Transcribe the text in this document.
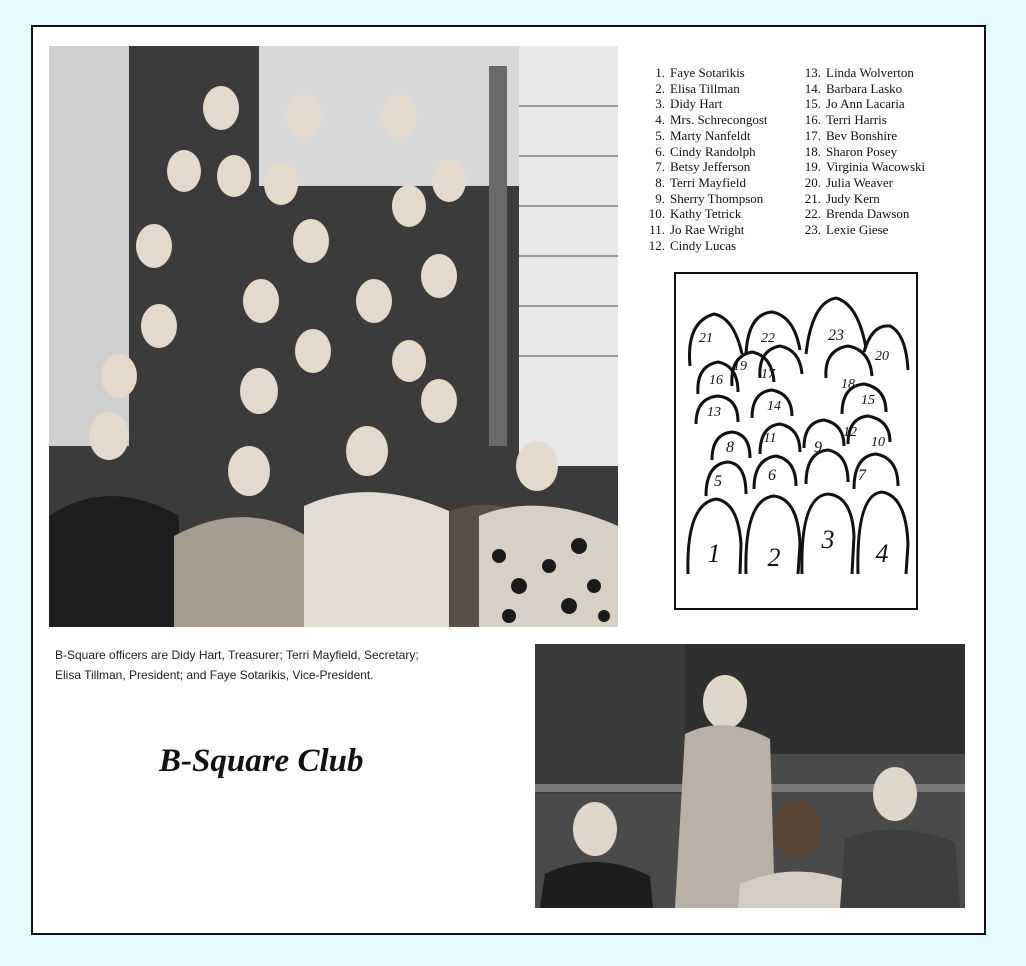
1. Faye Sotarikis
2. Elisa Tillman
3. Didy Hart
4. Mrs. Schrecongost
5. Marty Nanfeldt
6. Cindy Randolph
7. Betsy Jefferson
8. Terri Mayfield
9. Sherry Thompson
10. Kathy Tetrick
11. Jo Rae Wright
12. Cindy Lucas
13. Linda Wolverton
14. Barbara Lasko
15. Jo Ann Lacaria
16. Terri Harris
17. Bev Bonshire
18. Sharon Posey
19. Virginia Wacowski
20. Julia Weaver
21. Judy Kern
22. Brenda Dawson
23. Lexie Giese
1 2
3 4
5	6	7
8	9	10
11	12
13	14	15
16	17
18
19
20
21	22	23

B-Square officers are Didy Hart, Treasurer; Terri Mayfield, Secretary;
Elisa Tillman, President; and Faye Sotarikis, Vice-President.

B-Square Club
